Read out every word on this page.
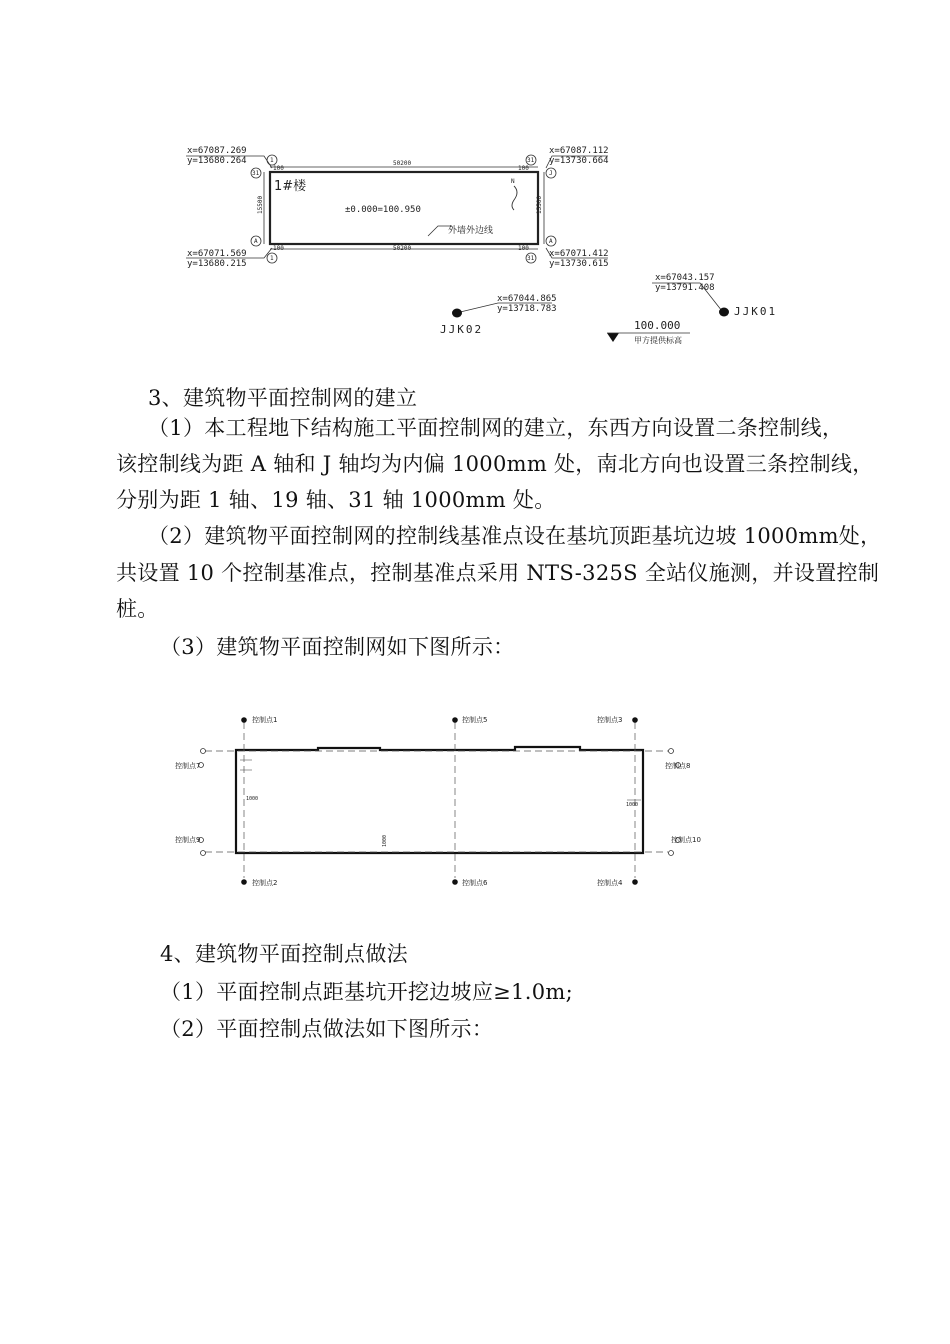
50200
50200
100	100
100	100
15500	15500
1
31
A
1
31
J
A
31
x=67087.269
y=13680.264
x=67087.112
y=13730.664
x=67071.569
y=13680.215
x=67071.412
y=13730.615
1#楼
±0.000=100.950
外墙外边线
N
JJK02
x=67044.865
y=13718.783	JJK01
x=67043.157
y=13791.408
100.000
甲方提供标高
3、建筑物平面控制网的建立
（1）本工程地下结构施工平面控制网的建立，东西方向设置二条控制线，
该控制线为距 A 轴和 J 轴均为内偏 1000mm 处，南北方向也设置三条控制线，
分别为距 1 轴、19 轴、31 轴 1000mm 处。
（2）建筑物平面控制网的控制线基准点设在基坑顶距基坑边坡 1000mm处，
共设置 10 个控制基准点，控制基准点采用 NTS-325S 全站仪施测，并设置控制
桩。
（3）建筑物平面控制网如下图所示：
1000
1000
1000
控制点1	控制点5	控制点3
控制点7	控制点8
控制点9	控制点10
控制点2	控制点6	控制点4
4、建筑物平面控制点做法
（1）平面控制点距基坑开挖边坡应≥1.0m;
（2）平面控制点做法如下图所示：
